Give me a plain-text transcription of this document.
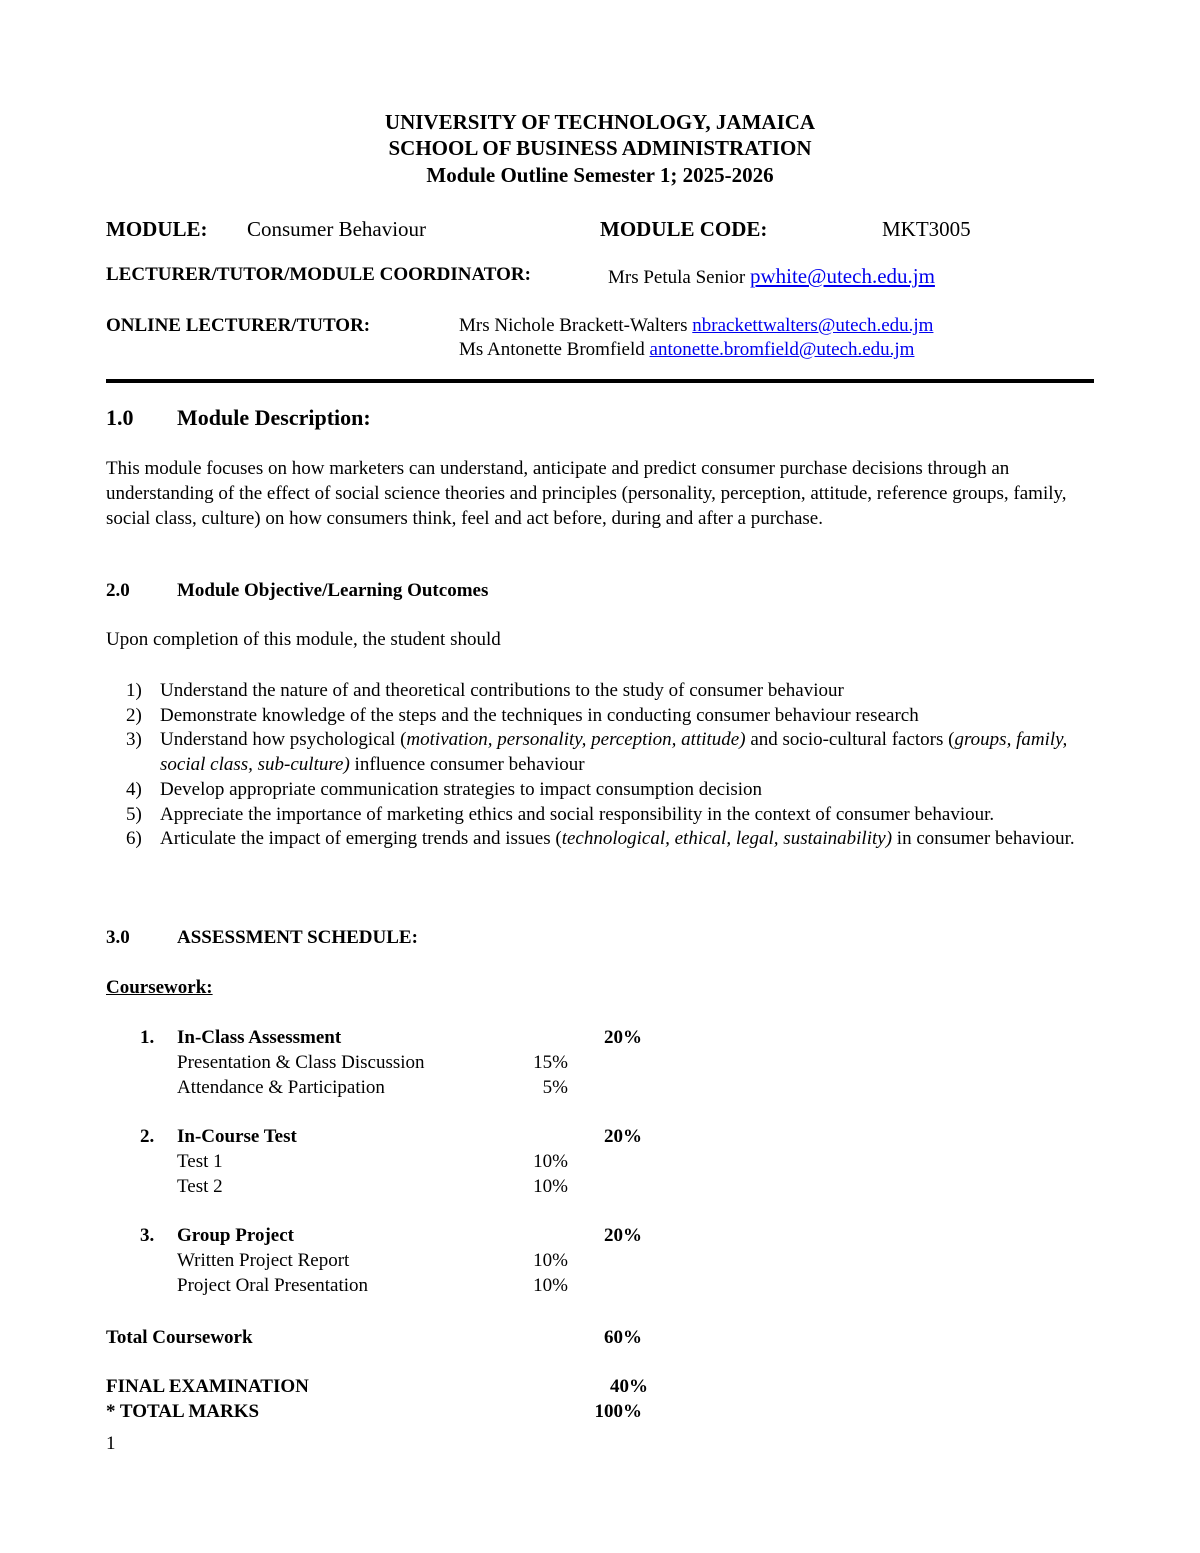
UNIVERSITY OF TECHNOLOGY, JAMAICA
SCHOOL OF BUSINESS ADMINISTRATION
Module Outline Semester 1; 2025-2026
MODULE: Consumer Behaviour	MODULE CODE:	MKT3005
LECTURER/TUTOR/MODULE COORDINATOR:	Mrs Petula Senior pwhite@utech.edu.jm
ONLINE LECTURER/TUTOR:	Mrs Nichole Brackett-Walters nbrackettwalters@utech.edu.jm
Ms Antonette Bromfield antonette.bromfield@utech.edu.jm
1.0 Module Description:
This module focuses on how marketers can understand, anticipate and predict consumer purchase decisions through an understanding of the effect of social science theories and principles (personality, perception, attitude, reference groups, family, social class, culture) on how consumers think, feel and act before, during and after a purchase.
2.0 Module Objective/Learning Outcomes
Upon completion of this module, the student should
1) Understand the nature of and theoretical contributions to the study of consumer behaviour
2) Demonstrate knowledge of the steps and the techniques in conducting consumer behaviour research
3) Understand how psychological (motivation, personality, perception, attitude) and socio-cultural factors (groups, family, social class, sub-culture) influence consumer behaviour
4) Develop appropriate communication strategies to impact consumption decision
5) Appreciate the importance of marketing ethics and social responsibility in the context of consumer behaviour.
6) Articulate the impact of emerging trends and issues (technological, ethical, legal, sustainability) in consumer behaviour.
3.0 ASSESSMENT SCHEDULE:
Coursework:
1. In-Class Assessment	20%
Presentation & Class Discussion	15%
Attendance & Participation	5%
2. In-Course Test	20%
Test 1	10%
Test 2	10%
3. Group Project	20%
Written Project Report	10%
Project Oral Presentation	10%
Total Coursework	60%
FINAL EXAMINATION	40%
* TOTAL MARKS	100%
1
